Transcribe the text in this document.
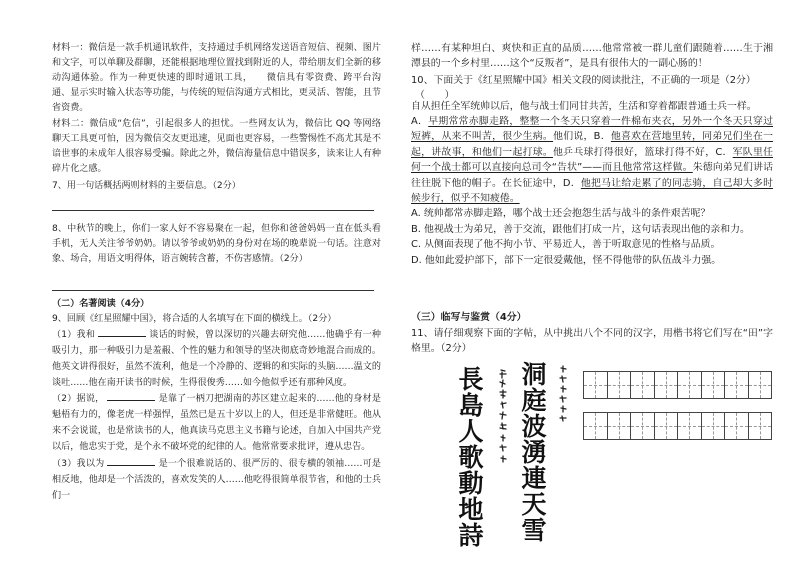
材料一：微信是一款手机通讯软件，支持通过手机网络发送语音短信、视频、图片和文字，可以单聊及群聊，还能根据地理位置找到附近的人，带给朋友们全新的移动沟通体验。作为一种更快速的即时通讯工具，　　微信具有零资费、跨平台沟通、显示实时输入状态等功能，与传统的短信沟通方式相比，更灵活、智能，且节省资费。
材料二：微信成“危信”，引起很多人的担忧。一些网友认为，微信比 QQ 等网络聊天工具更可怕，因为微信交友更迅速，见面也更容易，一些警惕性不高尤其是不谙世事的未成年人很容易受骗。除此之外，微信海量信息中错误多，读来让人有种碎片化之感。
7、用一句话概括两则材料的主要信息。（2分）
8、中秋节的晚上，你们一家人好不容易聚在一起，但你和爸爸妈妈一直在低头看手机，无人关注爷爷奶奶。请以爷爷或奶奶的身份对在场的晚辈说一句话。注意对象、场合，用语文明得体，语言婉转含蓄，不伤害感情。（2分）
（二）名著阅读（4分）
9、回顾《红星照耀中国》，将合适的人名填写在下面的横线上。（2分）
（1）我和	谈话的时候，曾以深切的兴趣去研究他……他确乎有一种吸引力，那一种吸引力是羞赧、个性的魅力和领导的坚决彻底奇妙地混合而成的。他英文讲得很好，虽然不流利，他是一个冷静的、逻辑的和实际的头脑……温文的谈吐……他在南开读书的时候，生得很俊秀……如今他似乎还有那种风度。
（2）据说，	是靠了一柄刀把湖南的苏区建立起来的……他的身材是魁梧有力的，像老虎一样强悍，虽然已是五十岁以上的人，但还是非常健旺。他从来不会说谎，也是常读书的人，他真读马克思主义书籍与论述，自加入中国共产党以后，他忠实于党，是个永不破坏党的纪律的人。他常常要求批评，遵从忠告。
（3）我以为	是一个很难说话的、很严厉的、很专横的领袖……可是相反地，他却是一个活泼的，喜欢发笑的人……他吃得很简单很节省，和他的士兵们一
样……有某种坦白、爽快和正直的品质……他常常被一群儿童们跟随着……生于湘潭县的一个乡村里……这个“反叛者”，是具有很伟大的一副心肠的！
10、下面关于《红星照耀中国》相关文段的阅读批注，不正确的一项是（2分）
（　　）
自从担任全军统帅以后，他与战士们同甘共苦，生活和穿着都跟普通士兵一样。
A．早期常常赤脚走路，整整一个冬天只穿着一件棉布夹衣，另外一个冬天只穿过短裤，从来不叫苦，很少生病。他们说，B．他喜欢在营地里转，同弟兄们坐在一起，讲故事，和他们一起打球。他乒乓球打得很好，篮球打得不好，C．军队里任何一个战士都可以直接向总司令“告状”——而且他常常这样做。朱德向弟兄们讲话往往脱下他的帽子。在长征途中，D．他把马让给走累了的同志骑，自己却大多时候步行，似乎不知疲倦。
A. 统帅都常赤脚走路，哪个战士还会抱怨生活与战斗的条件艰苦呢？
B. 他视战士为弟兄，善于交流，跟他们打成一片，这句话表现出他的亲和力。
C. 从侧面表现了他不拘小节、平易近人，善于听取意见的性格与品质。
D. 他如此爱护部下，部下一定很爱戴他，怪不得他带的队伍战斗力强。
（三）临写与鉴赏（4分）
11、请仔细观察下面的字帖，从中挑出八个不同的汉字，用楷书将它们写在“田”字格里。（2分）
洞庭波湧連天雪
長島人歌動地詩
